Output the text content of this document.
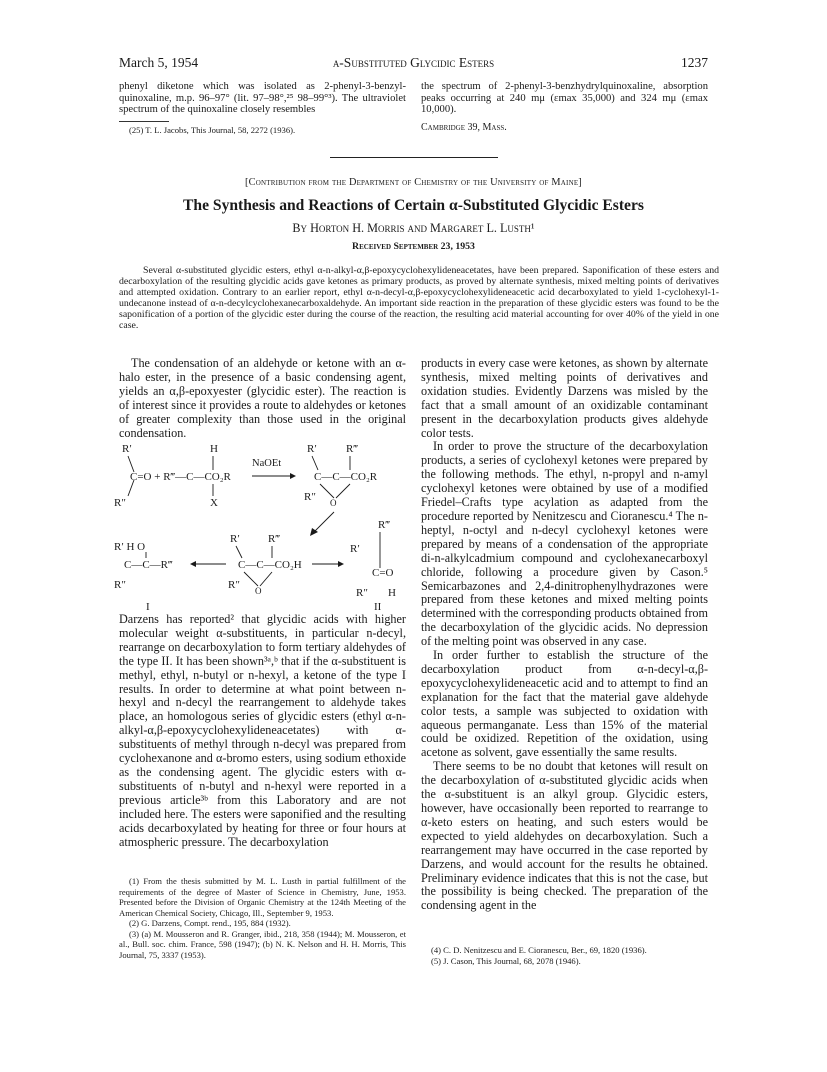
March 5, 1954	α-Substituted Glycidic Esters	1237

phenyl diketone which was isolated as 2-phenyl-3-benzyl-quinoxaline, m.p. 96–97° (lit. 97–98°,²⁵ 98–99°³). The ultraviolet spectrum of the quinoxaline closely resembles

(25) T. L. Jacobs, This Journal, 58, 2272 (1936).

the spectrum of 2-phenyl-3-benzhydrylquinoxaline, absorption peaks occurring at 240 mμ (εmax 35,000) and 324 mμ (εmax 10,000).

Cambridge 39, Mass.

[Contribution from the Department of Chemistry of the University of Maine]
The Synthesis and Reactions of Certain α-Substituted Glycidic Esters
By Horton H. Morris and Margaret L. Lusth¹
Received September 23, 1953
Several α-substituted glycidic esters, ethyl α-n-alkyl-α,β-epoxycyclohexylideneacetates, have been prepared. Saponification of these esters and decarboxylation of the resulting glycidic acids gave ketones as primary products, as proved by alternate synthesis, mixed melting points of derivatives and attempted oxidation. Contrary to an earlier report, ethyl α-n-decyl-α,β-epoxycyclohexylideneacetic acid decarboxylated to yield 1-cyclohexyl-1-undecanone instead of α-n-decylcyclohexanecarboxaldehyde. An important side reaction in the preparation of these glycidic esters was found to be the saponification of a portion of the glycidic ester during the course of the reaction, the resulting acid material accounting for over 40% of the yield in one case.

The condensation of an aldehyde or ketone with an α-halo ester, in the presence of a basic condensing agent, yields an α,β-epoxyester (glycidic ester). The reaction is of interest since it provides a route to aldehydes or ketones of greater complexity than those used in the original condensation.

R′
R″
H
C=O + R‴—C—CO₂R
X
NaOEt
R′	R‴
C—C—CO₂R
R″ O
R′ H O
C—C—R‴
R″
R′	R‴
C—C—CO₂H
R″ O
R‴
R′
C=O
R″ H
I	II

Darzens has reported² that glycidic acids with higher molecular weight α-substituents, in particular n-decyl, rearrange on decarboxylation to form tertiary aldehydes of the type II. It has been shown³ᵃ,ᵇ that if the α-substituent is methyl, ethyl, n-butyl or n-hexyl, a ketone of the type I results. In order to determine at what point between n-hexyl and n-decyl the rearrangement to aldehyde takes place, an homologous series of glycidic esters (ethyl α-n-alkyl-α,β-epoxycyclohexylideneacetates) with α-substituents of methyl through n-decyl was prepared from cyclohexanone and α-bromo esters, using sodium ethoxide as the condensing agent. The glycidic esters with α-substituents of n-butyl and n-hexyl were reported in a previous article³ᵇ from this Laboratory and are not included here. The esters were saponified and the resulting acids decarboxylated by heating for three or four hours at atmospheric pressure. The decarboxylation

(1) From the thesis submitted by M. L. Lusth in partial fulfillment of the requirements of the degree of Master of Science in Chemistry, June, 1953. Presented before the Division of Organic Chemistry at the 124th Meeting of the American Chemical Society, Chicago, Ill., September 9, 1953.

(2) G. Darzens, Compt. rend., 195, 884 (1932).

(3) (a) M. Mousseron and R. Granger, ibid., 218, 358 (1944); M. Mousseron, et al., Bull. soc. chim. France, 598 (1947); (b) N. K. Nelson and H. H. Morris, This Journal, 75, 3337 (1953).

products in every case were ketones, as shown by alternate synthesis, mixed melting points of derivatives and oxidation studies. Evidently Darzens was misled by the fact that a small amount of an oxidizable contaminant present in the decarboxylation products gives aldehyde color tests.

In order to prove the structure of the decarboxylation products, a series of cyclohexyl ketones were prepared by the following methods. The ethyl, n-propyl and n-amyl cyclohexyl ketones were obtained by use of a modified Friedel–Crafts type acylation as adapted from the procedure reported by Nenitzescu and Cioranescu.⁴ The n-heptyl, n-octyl and n-decyl cyclohexyl ketones were prepared by means of a condensation of the appropriate di-n-alkylcadmium compound and cyclohexanecarboxyl chloride, following a procedure given by Cason.⁵ Semicarbazones and 2,4-dinitrophenylhydrazones were prepared from these ketones and mixed melting points determined with the corresponding products obtained from the decarboxylation of the glycidic acids. No depression of the melting point was observed in any case.

In order further to establish the structure of the decarboxylation product from α-n-decyl-α,β-epoxycyclohexylideneacetic acid and to attempt to find an explanation for the fact that the material gave aldehyde color tests, a sample was subjected to oxidation with aqueous permanganate. Less than 15% of the material could be oxidized. Repetition of the oxidation, using acetone as solvent, gave essentially the same results.

There seems to be no doubt that ketones will result on the decarboxylation of α-substituted glycidic acids when the α-substituent is an alkyl group. Glycidic esters, however, have occasionally been reported to rearrange to α-keto esters on heating, and such esters would be expected to yield aldehydes on decarboxylation. Such a rearrangement may have occurred in the case reported by Darzens, and would account for the results he obtained. Preliminary evidence indicates that this is not the case, but the possibility is being checked. The preparation of the condensing agent in the

(4) C. D. Nenitzescu and E. Cioranescu, Ber., 69, 1820 (1936).

(5) J. Cason, This Journal, 68, 2078 (1946).
